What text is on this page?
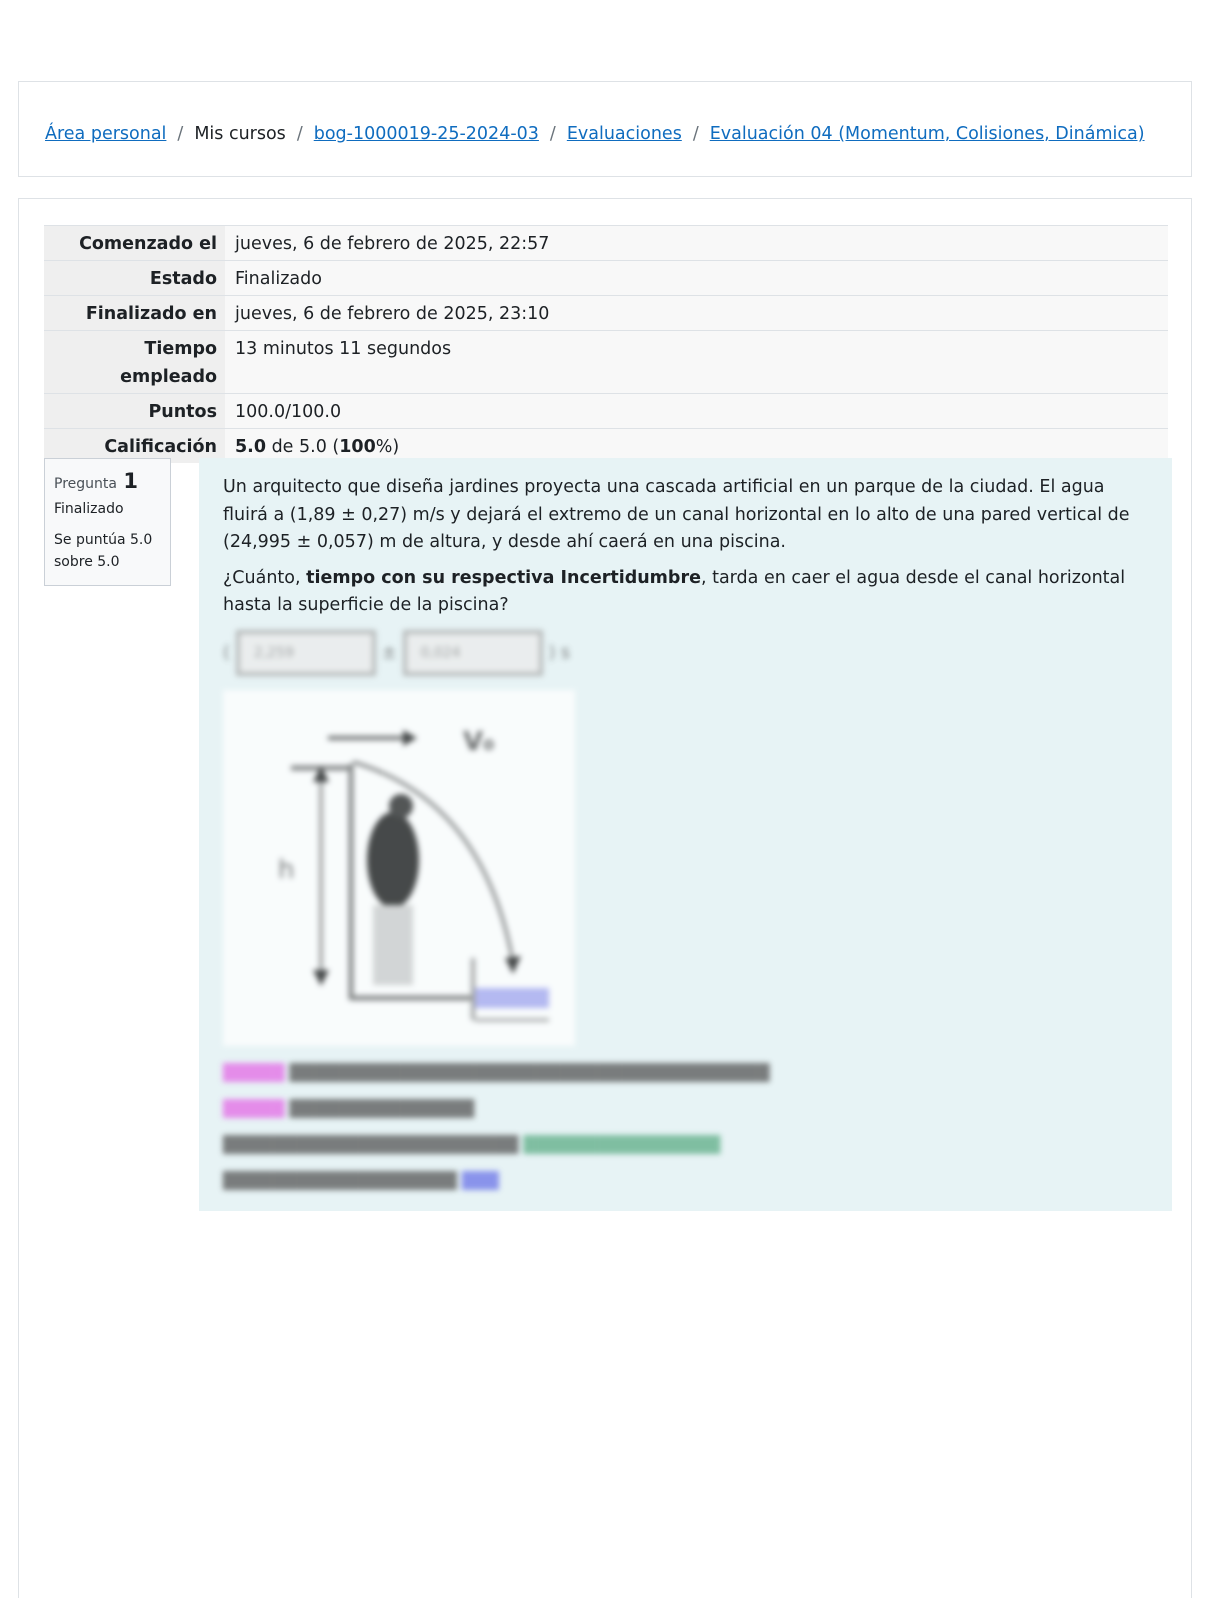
Área personal / Mis cursos / bog-1000019-25-2024-03 / Evaluaciones / Evaluación 04 (Momentum, Colisiones, Dinámica)
Comenzado el	jueves, 6 de febrero de 2025, 22:57
Estado	Finalizado
Finalizado en	jueves, 6 de febrero de 2025, 23:10
Tiempo
empleado	13 minutos 11 segundos
Puntos	100.0/100.0
Calificación	5.0 de 5.0 (100%)
Pregunta 1
Finalizado
Se puntúa 5.0
sobre 5.0

Un arquitecto que diseña jardines proyecta una cascada artificial en un parque de la ciudad. El agua fluirá a (1,89 ± 0,27) m/s y dejará el extremo de un canal horizontal en lo alto de una pared vertical de (24,995 ± 0,057) m de altura, y desde ahí caerá en una piscina.

¿Cuánto, tiempo con su respectiva Incertidumbre, tarda en caer el agua desde el canal horizontal hasta la superficie de la piscina?

(	2,259	±	0,024	) s
V₀
h
█████ ███████████████████████████████████████
█████ ███████████████
████████████████████████ ████████████████
███████████████████ ███
